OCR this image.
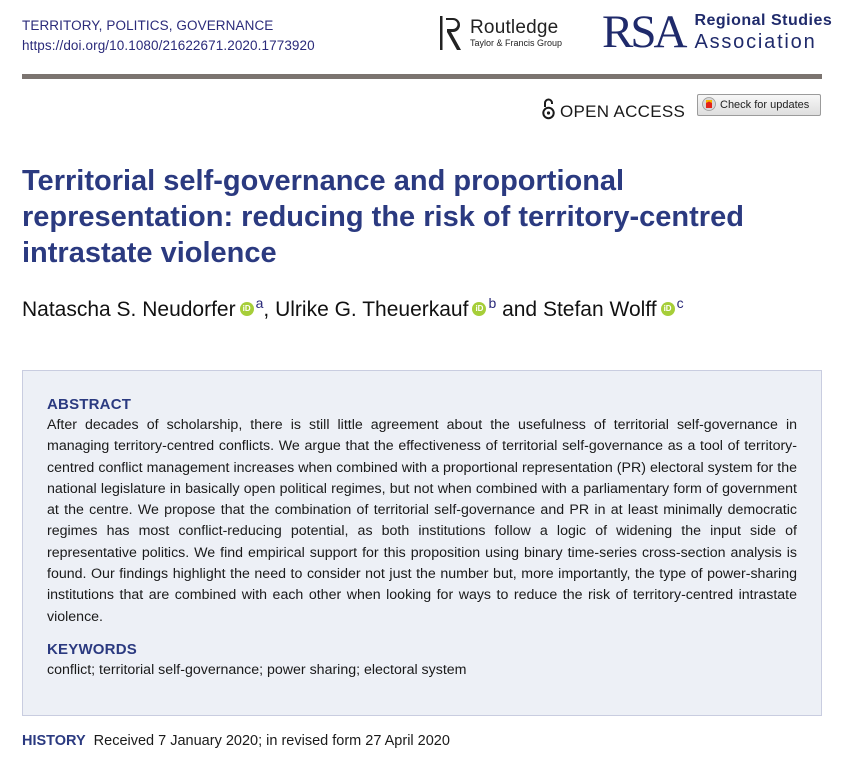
TERRITORY, POLITICS, GOVERNANCE
https://doi.org/10.1080/21622671.2020.1773920
Routledge
Taylor & Francis Group RSA Regional Studies
Association
OPEN ACCESS	Check for updates
Territorial self-governance and proportional representation: reducing the risk of territory-centred intrastate violence
Natascha S. Neudorfer iD $^a$, Ulrike G. Theuerkauf iD $^b$ and Stefan Wolff iD $^c$
ABSTRACT

After decades of scholarship, there is still little agreement about the usefulness of territorial self-governance in managing territory-centred conflicts. We argue that the effectiveness of territorial self-governance as a tool of territory-centred conflict management increases when combined with a proportional representation (PR) electoral system for the national legislature in basically open political regimes, but not when combined with a parliamentary form of government at the centre. We propose that the combination of territorial self-governance and PR in at least minimally democratic regimes has most conflict-reducing potential, as both institutions follow a logic of widening the input side of representative politics. We find empirical support for this proposition using binary time-series cross-section analysis is found. Our findings highlight the need to consider not just the number but, more importantly, the type of power-sharing institutions that are combined with each other when looking for ways to reduce the risk of territory-centred intrastate violence.

KEYWORDS
conflict; territorial self-governance; power sharing; electoral system
HISTORY Received 7 January 2020; in revised form 27 April 2020
